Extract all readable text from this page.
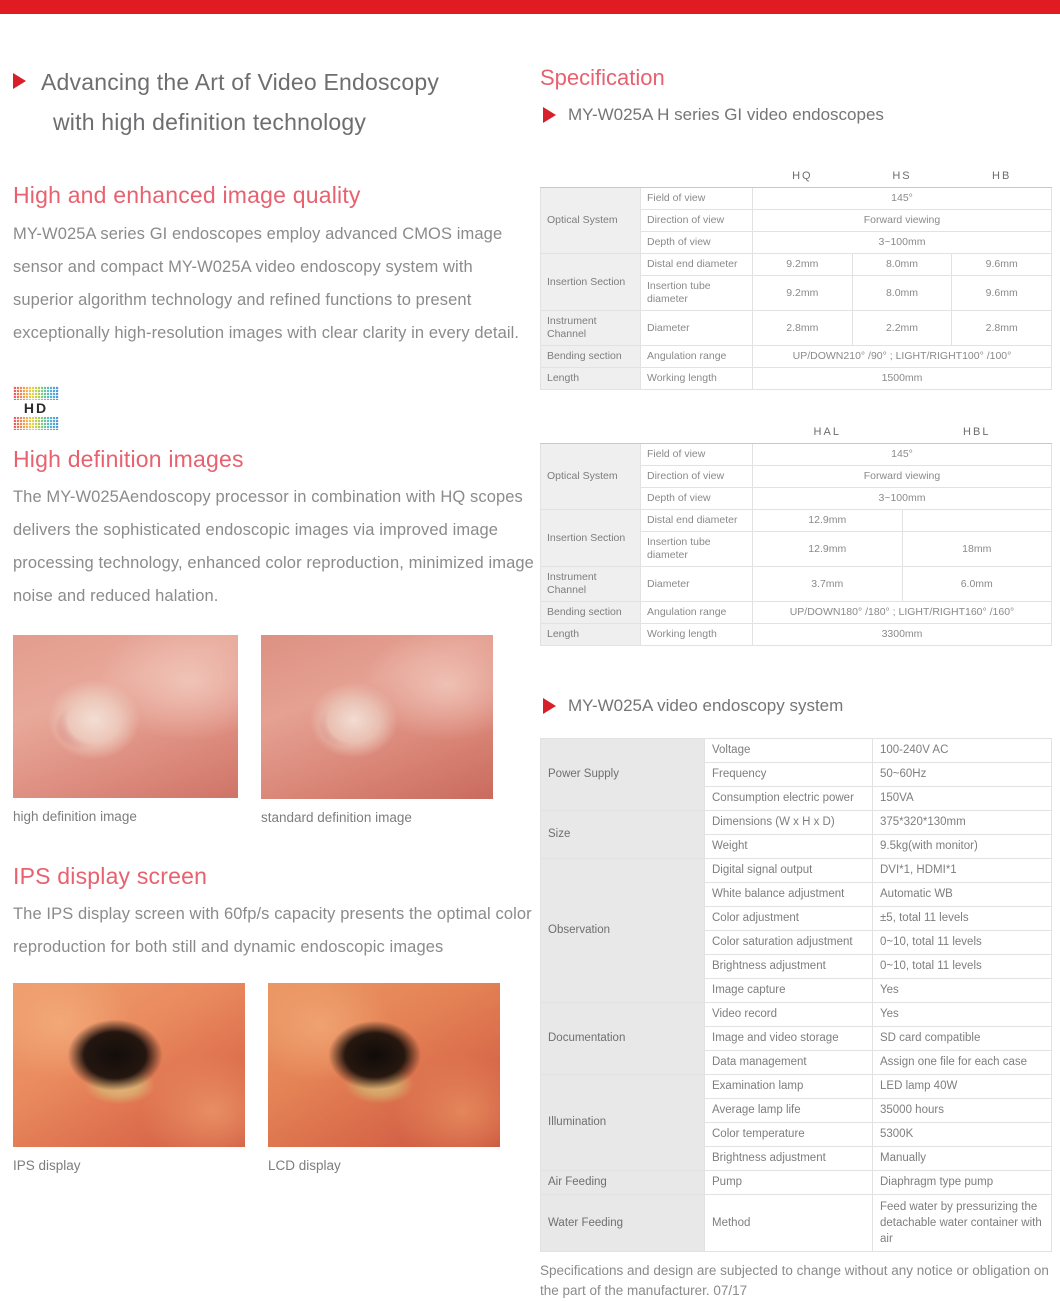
Advancing the Art of Video Endoscopy
with high definition technology
High and enhanced image quality
MY-W025A series GI endoscopes employ advanced CMOS image sensor and compact MY-W025A video endoscopy system with superior algorithm technology and refined functions to present exceptionally high-resolution images with clear clarity in every detail.
HD
High definition images
The MY-W025Aendoscopy processor in combination with HQ scopes delivers the sophisticated endoscopic images via improved image processing technology, enhanced color reproduction, minimized image noise and reduced halation.
high definition image	standard definition image
IPS display screen
The IPS display screen with 60fp/s capacity presents the optimal color reproduction for both still and dynamic endoscopic images
IPS display	LCD display
Specification
MY-W025A H series GI video endoscopes
		HQ	HS	HB
Optical System	Field of view	145°		
	Direction of view	Forward viewing		
	Depth of view	3~100mm		
Insertion Section	Distal end diameter	9.2mm	8.0mm	9.6mm
	Insertion tube diameter	9.2mm	8.0mm	9.6mm
Instrument Channel	Diameter	2.8mm	2.2mm	2.8mm
Bending section	Angulation range	UP/DOWN210° /90° ; LIGHT/RIGHT100° /100°		
Length	Working length	1500mm		
		HAL	HBL
Optical System	Field of view	145°	
	Direction of view	Forward viewing	
	Depth of view	3~100mm	
Insertion Section	Distal end diameter	12.9mm	
	Insertion tube diameter	12.9mm	18mm
Instrument Channel	Diameter	3.7mm	6.0mm
Bending section	Angulation range	UP/DOWN180° /180° ; LIGHT/RIGHT160° /160°	
Length	Working length	3300mm	
MY-W025A video endoscopy system
Power Supply	Voltage	100-240V AC
	Frequency	50~60Hz
	Consumption electric power	150VA
Size	Dimensions (W x H x D)	375*320*130mm
	Weight	9.5kg(with monitor)
Observation	Digital signal output	DVI*1, HDMI*1
	White balance adjustment	Automatic WB
	Color adjustment	±5, total 11 levels
	Color saturation adjustment	0~10, total 11 levels
	Brightness adjustment	0~10, total 11 levels
	Image capture	Yes
Documentation	Video record	Yes
	Image and video storage	SD card compatible
	Data management	Assign one file for each case
Illumination	Examination lamp	LED lamp 40W
	Average lamp life	35000 hours
	Color temperature	5300K
	Brightness adjustment	Manually
Air Feeding	Pump	Diaphragm type pump
Water Feeding	Method	Feed water by pressurizing the detachable water container with air
Specifications and design are subjected to change without any notice or obligation on the part of the manufacturer. 07/17
